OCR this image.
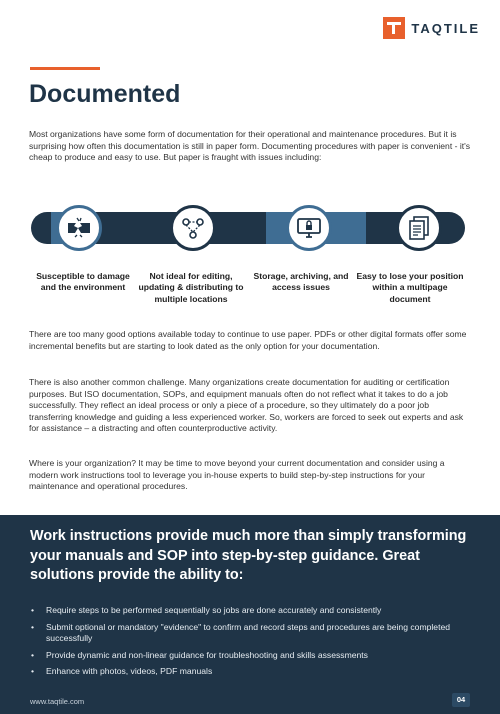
TAQTILE
Documented

Most organizations have some form of documentation for their operational and maintenance procedures. But it is surprising how often this documentation is still in paper form. Documenting procedures with paper is convenient - it's cheap to produce and easy to use. But paper is fraught with issues including:

Susceptible to damage and the environment
Not ideal for editing, updating & distributing to multiple locations
Storage, archiving, and access issues
Easy to lose your position within a multipage document

There are too many good options available today to continue to use paper. PDFs or other digital formats offer some incremental benefits but are starting to look dated as the only option for your documentation.

There is also another common challenge. Many organizations create documentation for auditing or certification purposes. But ISO documentation, SOPs, and equipment manuals often do not reflect what it takes to do a job successfully. They reflect an ideal process or only a piece of a procedure, so they ultimately do a poor job transferring knowledge and guiding a less experienced worker. So, workers are forced to seek out experts and ask for assistance – a distracting and often counterproductive activity.

Where is your organization? It may be time to move beyond your current documentation and consider using a modern work instructions tool to leverage you in-house experts to build step-by-step instructions for your maintenance and operational procedures.

Work instructions provide much more than simply transforming your manuals and SOP into step-by-step guidance. Great solutions provide the ability to:
• Require steps to be performed sequentially so jobs are done accurately and consistently
• Submit optional or mandatory "evidence" to confirm and record steps and procedures are being completed successfully
• Provide dynamic and non-linear guidance for troubleshooting and skills assessments
• Enhance with photos, videos, PDF manuals
www.taqtile.com	04
